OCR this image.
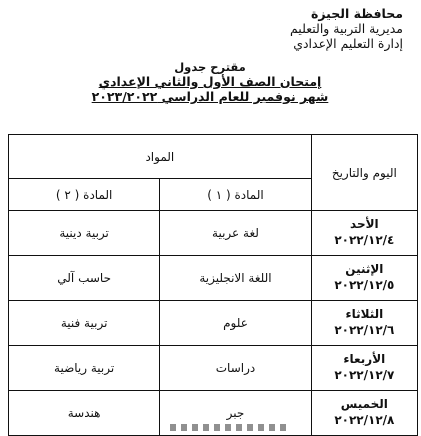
محافظة الجيزة
مديرية التربية والتعليم
إدارة التعليم الإعدادي
مقترح جدول
إمتحان الصف الأول والثاني الإعدادي
شهر نوفمبر للعام الدراسي ٢٠٢٣/٢٠٢٢
اليوم والتاريخ	المواد	
	المادة ( ١ )	المادة ( ٢ )

الأحد
٢٠٢٢/١٢/٤	لغة عربية	تربية دينية

الإثنين
٢٠٢٢/١٢/٥	اللغة الانجليزية	حاسب آلي

الثلاثاء
٢٠٢٢/١٢/٦	علوم	تربية فنية

الأربعاء
٢٠٢٢/١٢/٧	دراسات	تربية رياضية

الخميس
٢٠٢٢/١٢/٨	جبر	هندسة
